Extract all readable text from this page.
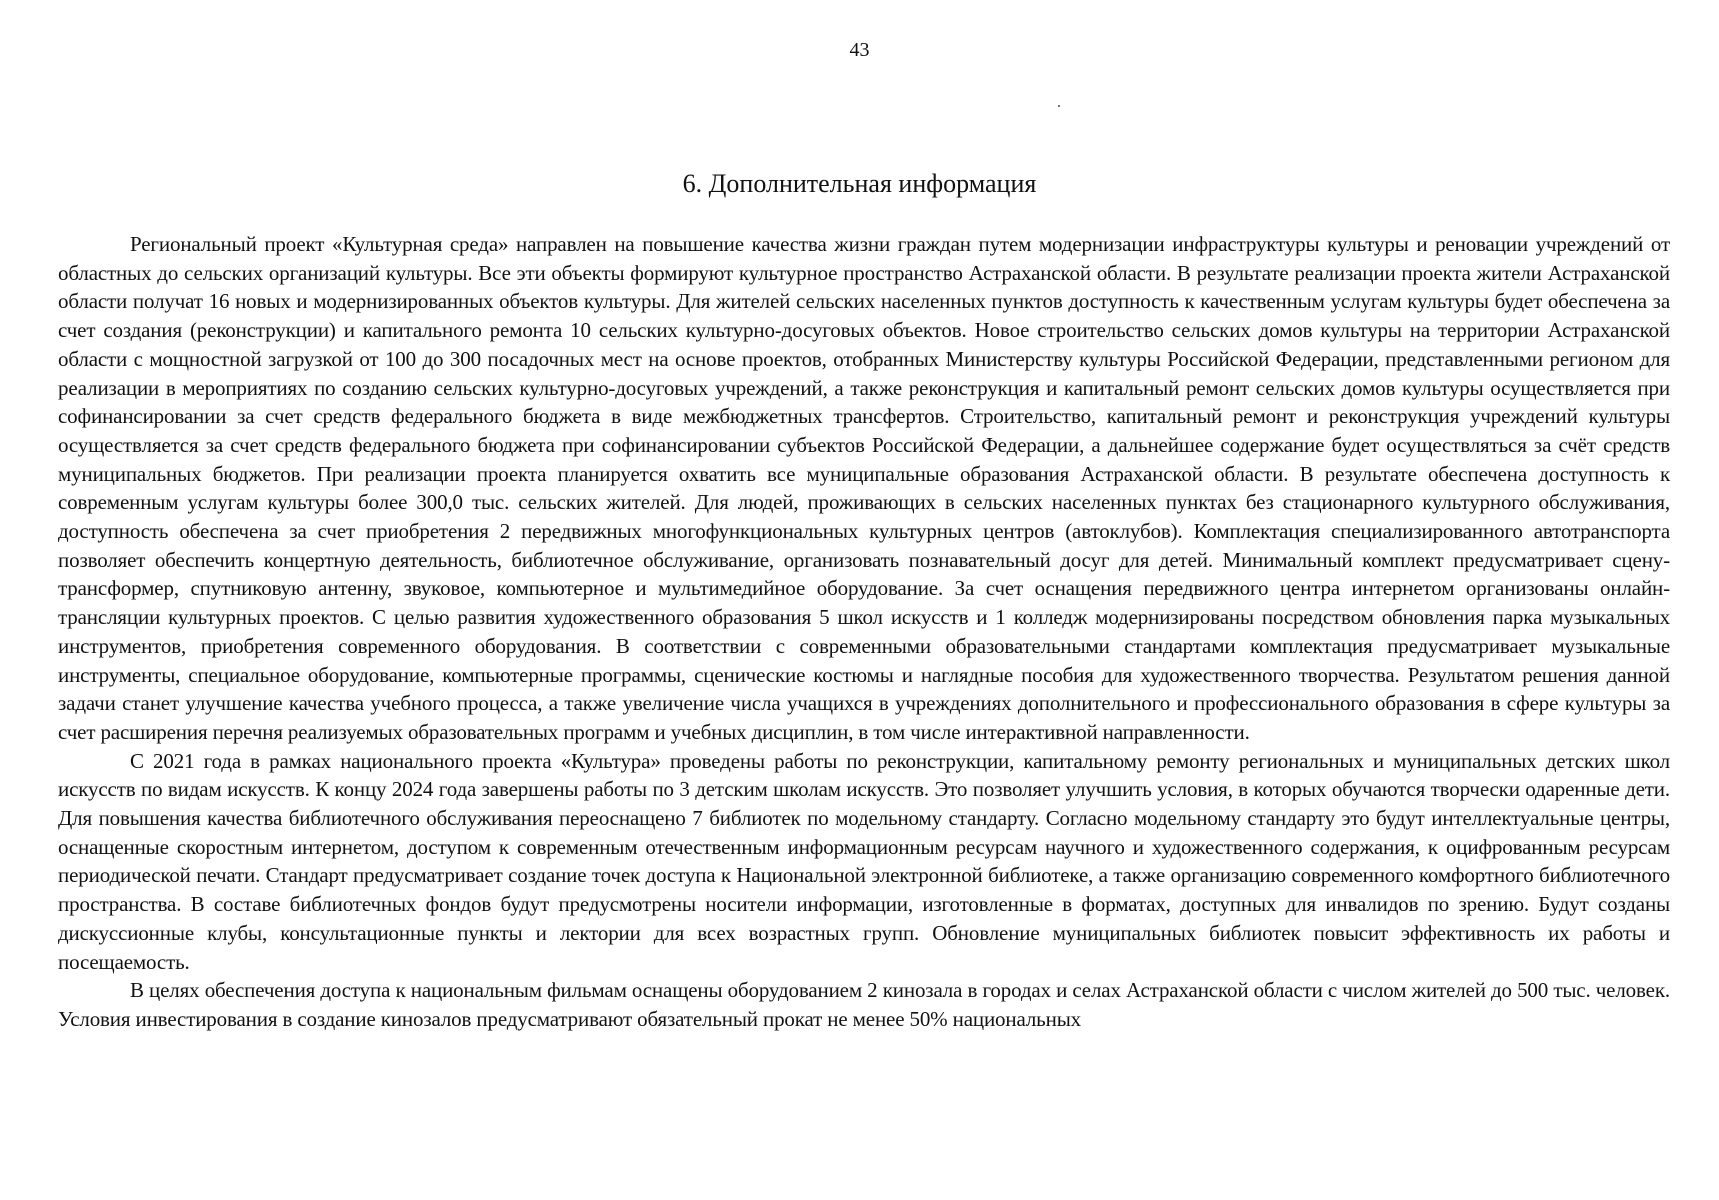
43
6. Дополнительная информация

Региональный проект «Культурная среда» направлен на повышение качества жизни граждан путем модернизации инфраструктуры культуры и реновации учреждений от областных до сельских организаций культуры. Все эти объекты формируют культурное пространство Астраханской области. В результате реализации проекта жители Астраханской области получат 16 новых и модернизированных объектов культуры. Для жителей сельских населенных пунктов доступность к качественным услугам культуры будет обеспечена за счет создания (реконструкции) и капитального ремонта 10 сельских культурно-досуговых объектов. Новое строительство сельских домов культуры на территории Астраханской области с мощностной загрузкой от 100 до 300 посадочных мест на основе проектов, отобранных Министерству культуры Российской Федерации, представленными регионом для реализации в мероприятиях по созданию сельских культурно-досуговых учреждений, а также реконструкция и капитальный ремонт сельских домов культуры осуществляется при софинансировании за счет средств федерального бюджета в виде межбюджетных трансфертов. Строительство, капитальный ремонт и реконструкция учреждений культуры осуществляется за счет средств федерального бюджета при софинансировании субъектов Российской Федерации, а дальнейшее содержание будет осуществляться за счёт средств муниципальных бюджетов. При реализации проекта планируется охватить все муниципальные образования Астраханской области. В результате обеспечена доступность к современным услугам культуры более 300,0 тыс. сельских жителей. Для людей, проживающих в сельских населенных пунктах без стационарного культурного обслуживания, доступность обеспечена за счет приобретения 2 передвижных многофункциональных культурных центров (автоклубов). Комплектация специализированного автотранспорта позволяет обеспечить концертную деятельность, библиотечное обслуживание, организовать познавательный досуг для детей. Минимальный комплект предусматривает сцену-трансформер, спутниковую антенну, звуковое, компьютерное и мультимедийное оборудование. За счет оснащения передвижного центра интернетом организованы онлайн-трансляции культурных проектов. С целью развития художественного образования 5 школ искусств и 1 колледж модернизированы посредством обновления парка музыкальных инструментов, приобретения современного оборудования. В соответствии с современными образовательными стандартами комплектация предусматривает музыкальные инструменты, специальное оборудование, компьютерные программы, сценические костюмы и наглядные пособия для художественного творчества. Результатом решения данной задачи станет улучшение качества учебного процесса, а также увеличение числа учащихся в учреждениях дополнительного и профессионального образования в сфере культуры за счет расширения перечня реализуемых образовательных программ и учебных дисциплин, в том числе интерактивной направленности.

С 2021 года в рамках национального проекта «Культура» проведены работы по реконструкции, капитальному ремонту региональных и муниципальных детских школ искусств по видам искусств. К концу 2024 года завершены работы по 3 детским школам искусств. Это позволяет улучшить условия, в которых обучаются творчески одаренные дети. Для повышения качества библиотечного обслуживания переоснащено 7 библиотек по модельному стандарту. Согласно модельному стандарту это будут интеллектуальные центры, оснащенные скоростным интернетом, доступом к современным отечественным информационным ресурсам научного и художественного содержания, к оцифрованным ресурсам периодической печати. Стандарт предусматривает создание точек доступа к Национальной электронной библиотеке, а также организацию современного комфортного библиотечного пространства. В составе библиотечных фондов будут предусмотрены носители информации, изготовленные в форматах, доступных для инвалидов по зрению. Будут созданы дискуссионные клубы, консультационные пункты и лектории для всех возрастных групп. Обновление муниципальных библиотек повысит эффективность их работы и посещаемость.

В целях обеспечения доступа к национальным фильмам оснащены оборудованием 2 кинозала в городах и селах Астраханской области с числом жителей до 500 тыс. человек. Условия инвестирования в создание кинозалов предусматривают обязательный прокат не менее 50% национальных
